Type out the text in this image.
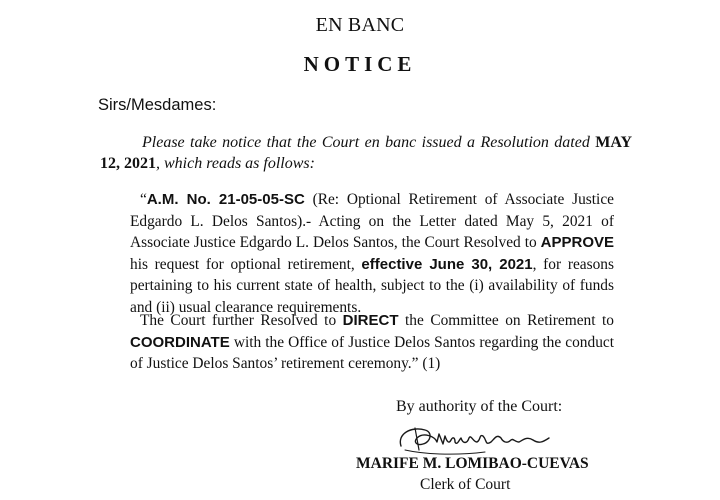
EN BANC
NOTICE
Sirs/Mesdames:
Please take notice that the Court en banc issued a Resolution dated MAY 12, 2021, which reads as follows:
“A.M. No. 21-05-05-SC (Re: Optional Retirement of Associate Justice Edgardo L. Delos Santos).- Acting on the Letter dated May 5, 2021 of Associate Justice Edgardo L. Delos Santos, the Court Resolved to APPROVE his request for optional retirement, effective June 30, 2021, for reasons pertaining to his current state of health, subject to the (i) availability of funds and (ii) usual clearance requirements.
The Court further Resolved to DIRECT the Committee on Retirement to COORDINATE with the Office of Justice Delos Santos regarding the conduct of Justice Delos Santos’ retirement ceremony.” (1)
By authority of the Court:
MARIFE M. LOMIBAO-CUEVAS
Clerk of Court
